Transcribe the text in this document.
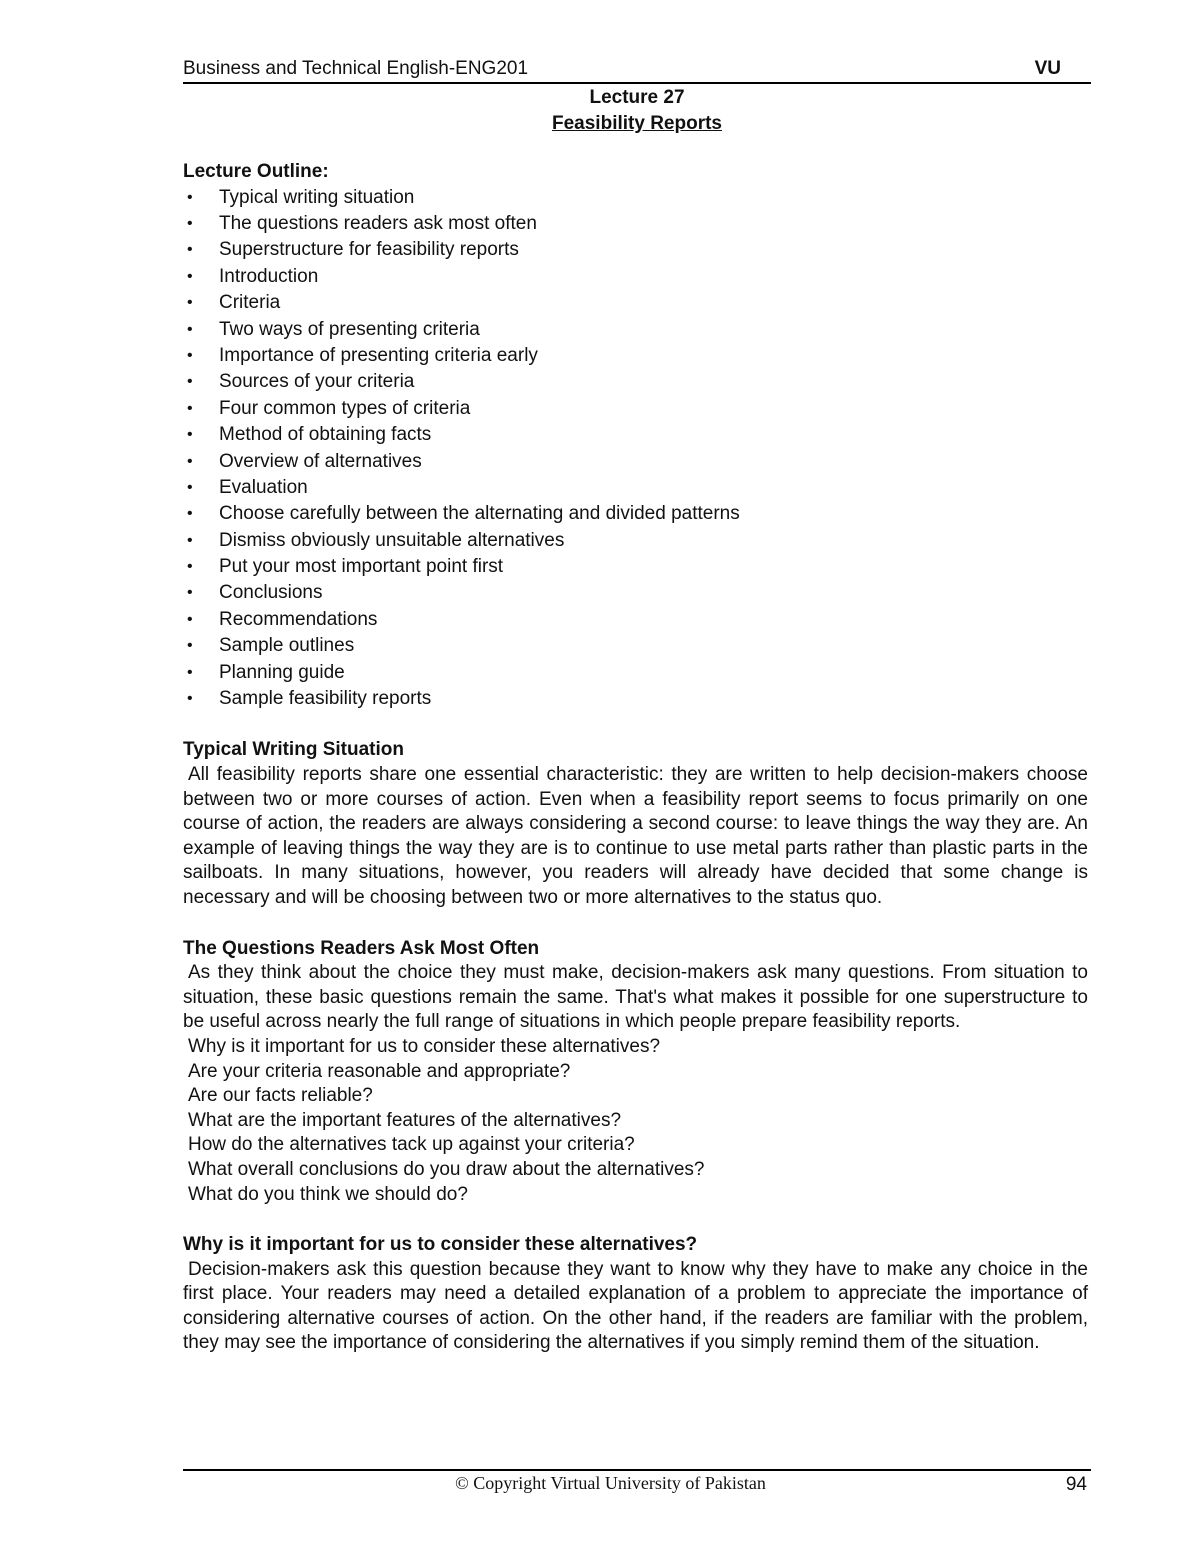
Business and Technical English-ENG201	VU
Lecture 27
Feasibility Reports
Lecture Outline:
• Typical writing situation
• The questions readers ask most often
• Superstructure for feasibility reports
• Introduction
• Criteria
• Two ways of presenting criteria
• Importance of presenting criteria early
• Sources of your criteria
• Four common types of criteria
• Method of obtaining facts
• Overview of alternatives
• Evaluation
• Choose carefully between the alternating and divided patterns
• Dismiss obviously unsuitable alternatives
• Put your most important point first
• Conclusions
• Recommendations
• Sample outlines
• Planning guide
• Sample feasibility reports
Typical Writing Situation

All feasibility reports share one essential characteristic: they are written to help decision-makers choose between two or more courses of action. Even when a feasibility report seems to focus primarily on one course of action, the readers are always considering a second course: to leave things the way they are. An example of leaving things the way they are is to continue to use metal parts rather than plastic parts in the sailboats. In many situations, however, you readers will already have decided that some change is necessary and will be choosing between two or more alternatives to the status quo.

The Questions Readers Ask Most Often

As they think about the choice they must make, decision-makers ask many questions. From situation to situation, these basic questions remain the same. That's what makes it possible for one superstructure to be useful across nearly the full range of situations in which people prepare feasibility reports.

Why is it important for us to consider these alternatives?
Are your criteria reasonable and appropriate?
Are our facts reliable?
What are the important features of the alternatives?
How do the alternatives tack up against your criteria?
What overall conclusions do you draw about the alternatives?
What do you think we should do?
Why is it important for us to consider these alternatives?

Decision-makers ask this question because they want to know why they have to make any choice in the first place. Your readers may need a detailed explanation of a problem to appreciate the importance of considering alternative courses of action. On the other hand, if the readers are familiar with the problem, they may see the importance of considering the alternatives if you simply remind them of the situation.

© Copyright Virtual University of Pakistan	94
